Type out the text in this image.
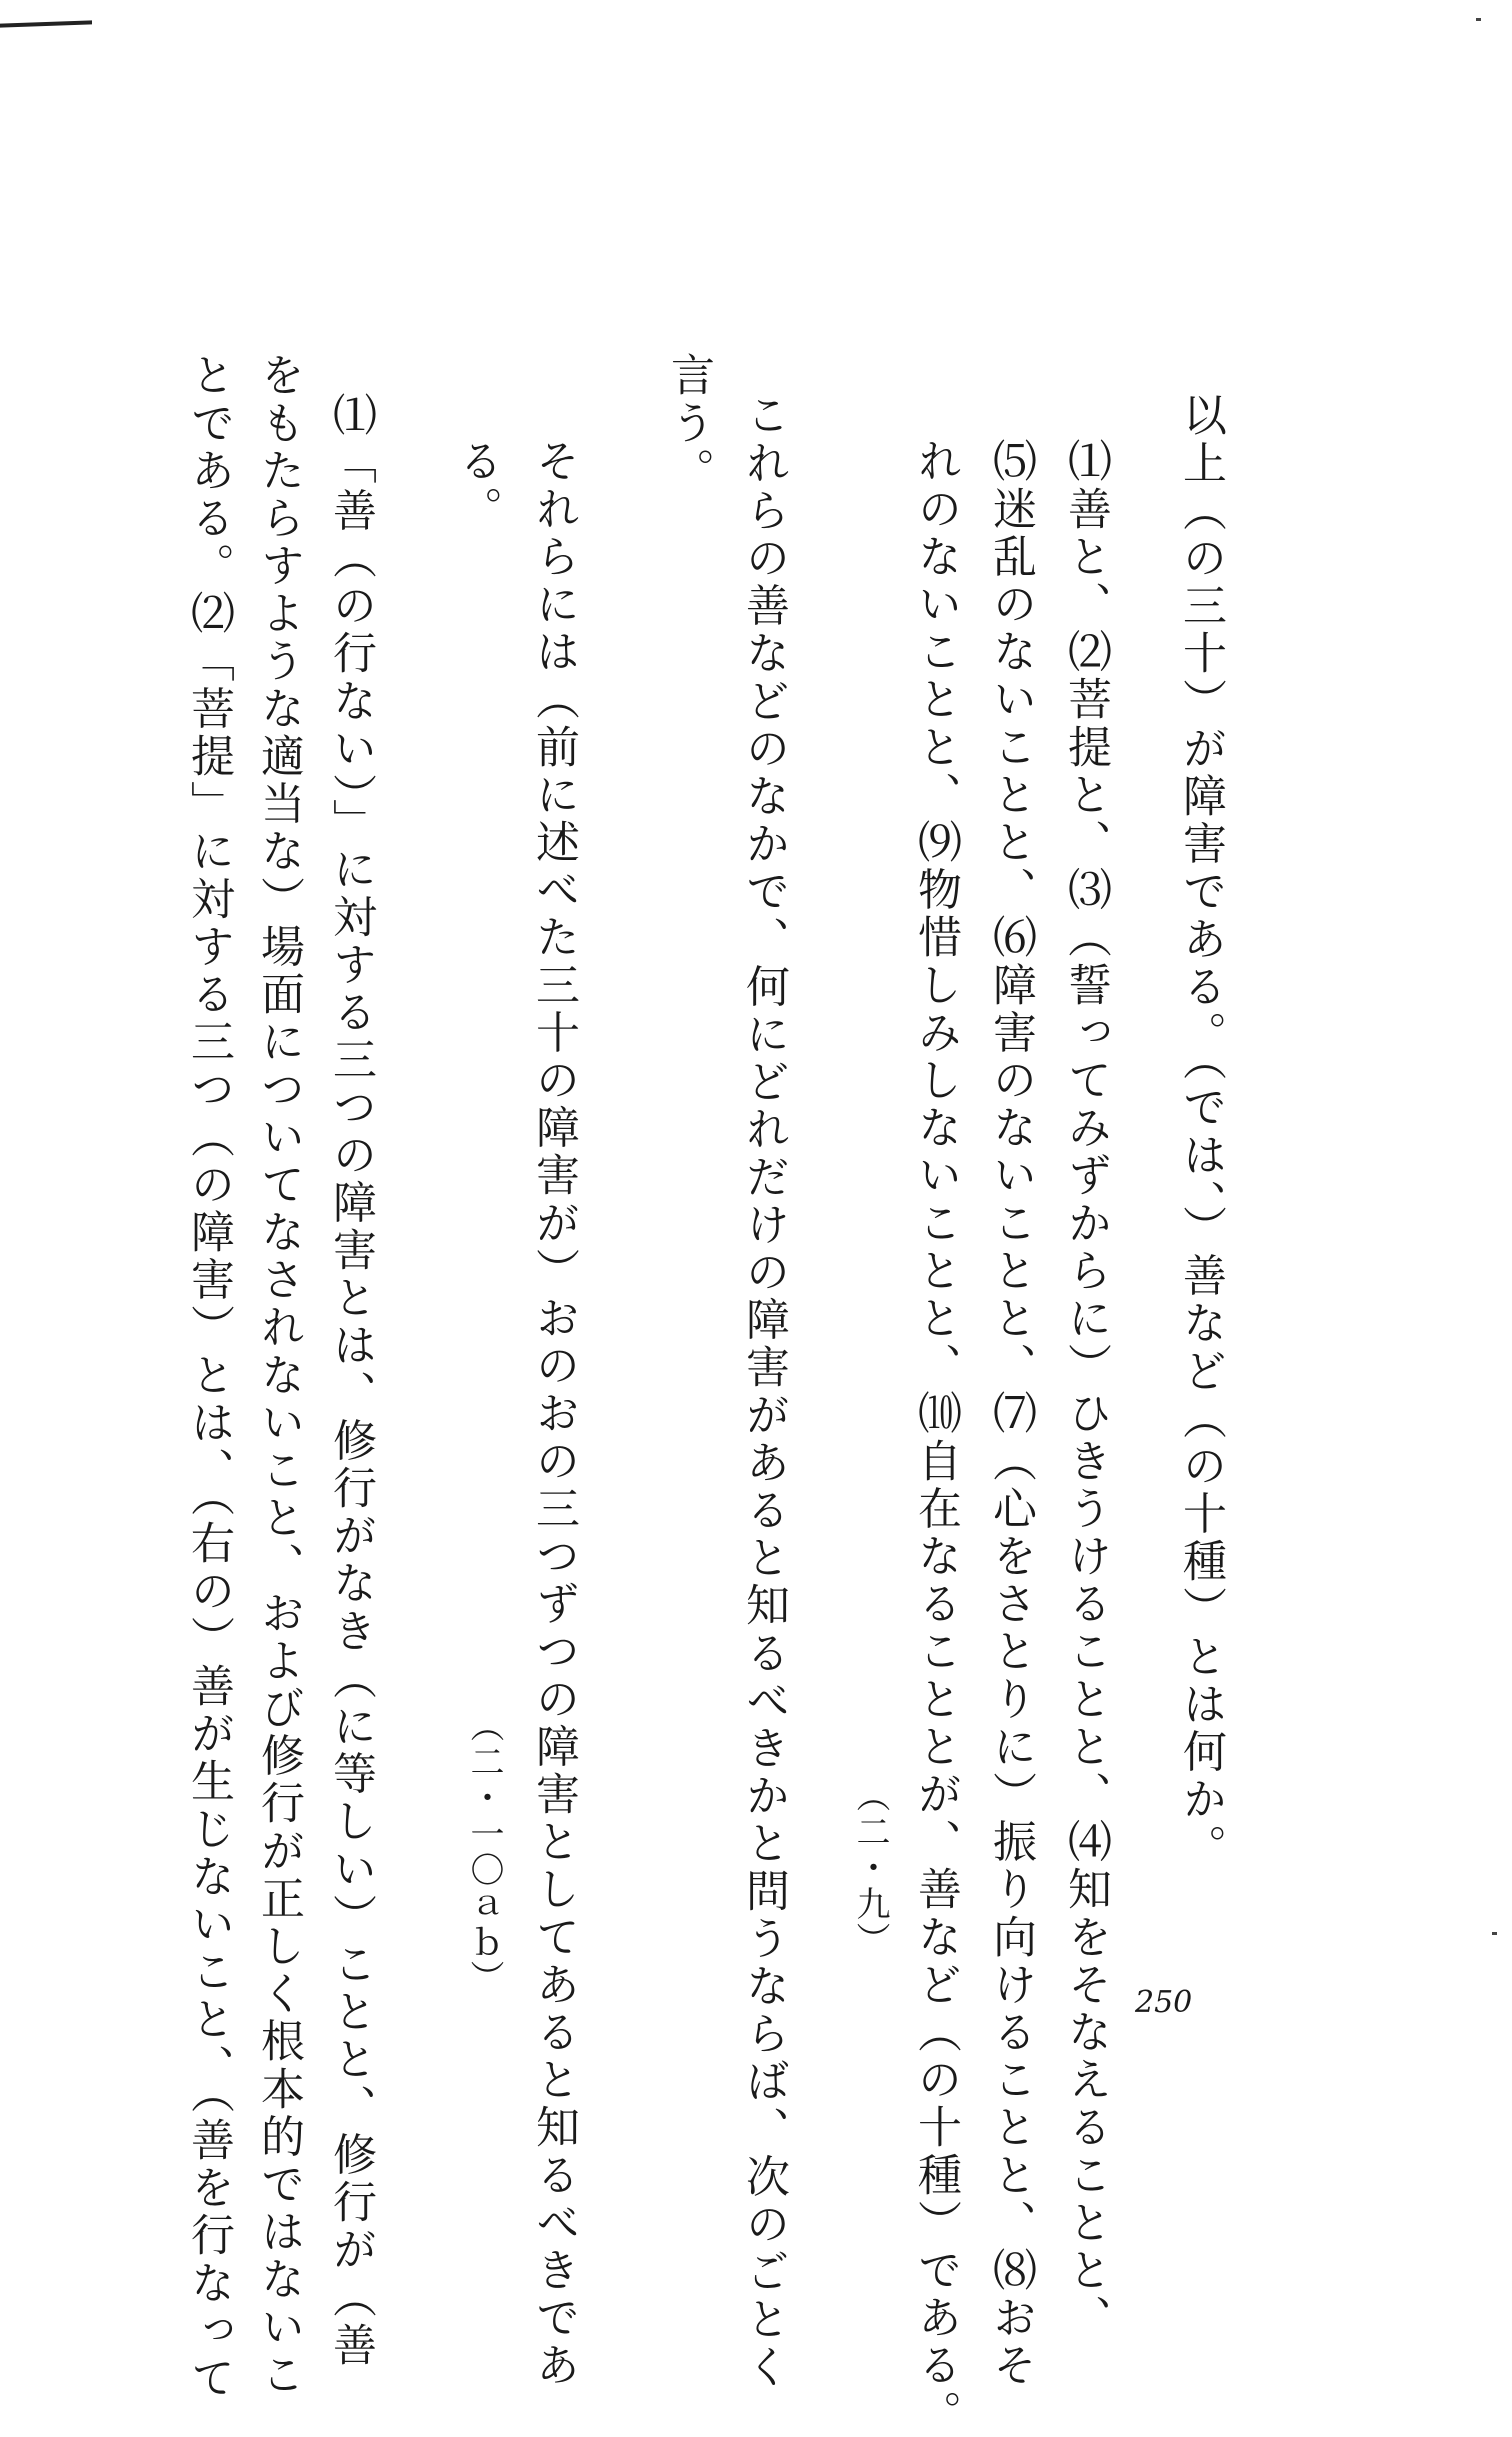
以上（の三十）が障害である。（では、）善など（の十種）とは何か。
⑴善と、⑵菩提と、⑶（誓ってみずからに）ひきうけることと、⑷知をそなえることと、
⑸迷乱のないことと、⑹障害のないことと、⑺（心をさとりに）振り向けることと、⑻おそ
れのないことと、⑼物惜しみしないことと、⑽自在なることとが、善など（の十種）である。
（二・九）
これらの善などのなかで、何にどれだけの障害があると知るべきかと問うならば、次のごとく
言う。
それらには（前に述べた三十の障害が）おのおの三つずつの障害としてあると知るべきであ
る。
（二・一〇ａｂ）
⑴「善（の行ない）」に対する三つの障害とは、修行がなき（に等しい）ことと、修行が（善
をもたらすような適当な）場面についてなされないこと、および修行が正しく根本的ではないこ
とである。⑵「菩提」に対する三つ（の障害）とは、（右の）善が生じないこと、（善を行なって	250
